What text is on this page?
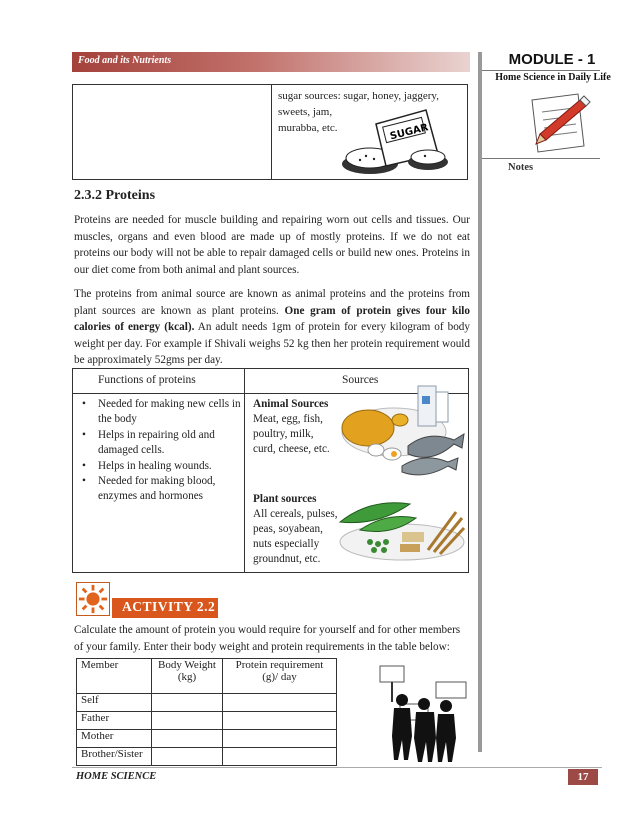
Food and its Nutrients	MODULE - 1
Home Science in Daily Life
Notes
sugar sources: sugar, honey, jaggery,
sweets, jam,
murabba, etc.	SUGAR
2.3.2 Proteins
Proteins are needed for muscle building and repairing worn out cells and tissues. Our muscles, organs and even blood are made up of mostly proteins. If we do not eat proteins our body will not be able to repair damaged cells or build new ones. Proteins in our diet come from both animal and plant sources.
The proteins from animal source are known as animal proteins and the proteins from plant sources are known as plant proteins. One gram of protein gives four kilo calories of energy (kcal). An adult needs 1gm of protein for every kilogram of body weight per day. For example if Shivali weighs 52 kg then her protein requirement would be approximately 52gms per day.
Functions of proteins	Sources
•	Needed for making new cells in the body
•	Helps in repairing old and damaged cells.
•	Helps in healing wounds.
•	Needed for making blood, enzymes and hormones
Animal Sources
Meat, egg, fish,
poultry, milk,
curd, cheese, etc.
Plant sources
All cereals, pulses,
peas, soyabean,
nuts especially
groundnut, etc.
ACTIVITY 2.2
Calculate the amount of protein you would require for yourself and for other members of your family. Enter their body weight and protein requirements in the table below:
Member	Body Weight (kg)	Protein requirement (g)/ day
Self		
Father		
Mother		
Brother/Sister		
HOME SCIENCE	17
